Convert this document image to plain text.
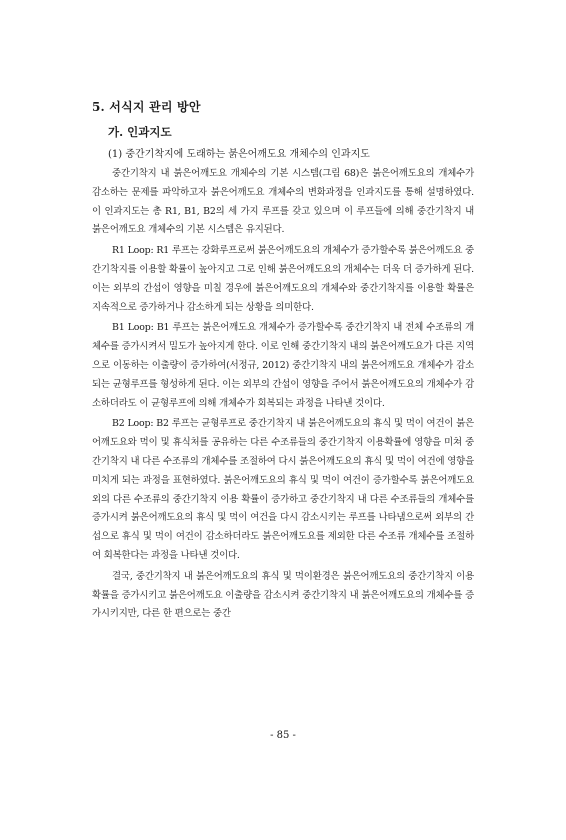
5. 서식지 관리 방안
가. 인과지도
(1) 중간기착지에 도래하는 붉은어깨도요 개체수의 인과지도

중간기착지 내 붉은어깨도요 개체수의 기본 시스템(그림 68)은 붉은어깨도요의 개체수가 감소하는 문제를 파악하고자 붉은어깨도요 개체수의 변화과정을 인과지도를 통해 설명하였다. 이 인과지도는 총 R1, B1, B2의 세 가지 루프를 갖고 있으며 이 루프들에 의해 중간기착지 내 붉은어깨도요 개체수의 기본 시스템은 유지된다.

R1 Loop: R1 루프는 강화루프로써 붉은어깨도요의 개체수가 증가할수록 붉은어깨도요 중간기착지를 이용할 확률이 높아지고 그로 인해 붉은어깨도요의 개체수는 더욱 더 증가하게 된다. 이는 외부의 간섭이 영향을 미칠 경우에 붉은어깨도요의 개체수와 중간기착지를 이용할 확률은 지속적으로 증가하거나 감소하게 되는 상황을 의미한다.

B1 Loop: B1 루프는 붉은어깨도요 개체수가 증가할수록 중간기착지 내 전체 수조류의 개체수를 증가시켜서 밀도가 높아지게 한다. 이로 인해 중간기착지 내의 붉은어깨도요가 다른 지역으로 이동하는 이출량이 증가하여(서정규, 2012) 중간기착지 내의 붉은어깨도요 개체수가 감소되는 균형루프를 형성하게 된다. 이는 외부의 간섭이 영향을 주어서 붉은어깨도요의 개체수가 감소하더라도 이 균형루프에 의해 개체수가 회복되는 과정을 나타낸 것이다.

B2 Loop: B2 루프는 균형루프로 중간기착지 내 붉은어깨도요의 휴식 및 먹이 여건이 붉은어깨도요와 먹이 및 휴식처를 공유하는 다른 수조류들의 중간기착지 이용확률에 영향을 미쳐 중간기착지 내 다른 수조류의 개체수를 조절하여 다시 붉은어깨도요의 휴식 및 먹이 여건에 영향을 미치게 되는 과정을 표현하였다. 붉은어깨도요의 휴식 및 먹이 여건이 증가할수록 붉은어깨도요 외의 다른 수조류의 중간기착지 이용 확률이 증가하고 중간기착지 내 다른 수조류들의 개체수를 증가시켜 붉은어깨도요의 휴식 및 먹이 여건을 다시 감소시키는 루프를 나타냄으로써 외부의 간섭으로 휴식 및 먹이 여건이 감소하더라도 붉은어깨도요를 제외한 다른 수조류 개체수를 조절하여 회복한다는 과정을 나타낸 것이다.

결국, 중간기착지 내 붉은어깨도요의 휴식 및 먹이환경은 붉은어깨도요의 중간기착지 이용 확률을 증가시키고 붉은어깨도요 이출량을 감소시켜 중간기착지 내 붉은어깨도요의 개체수를 증가시키지만, 다른 한 편으로는 중간

- 85 -
